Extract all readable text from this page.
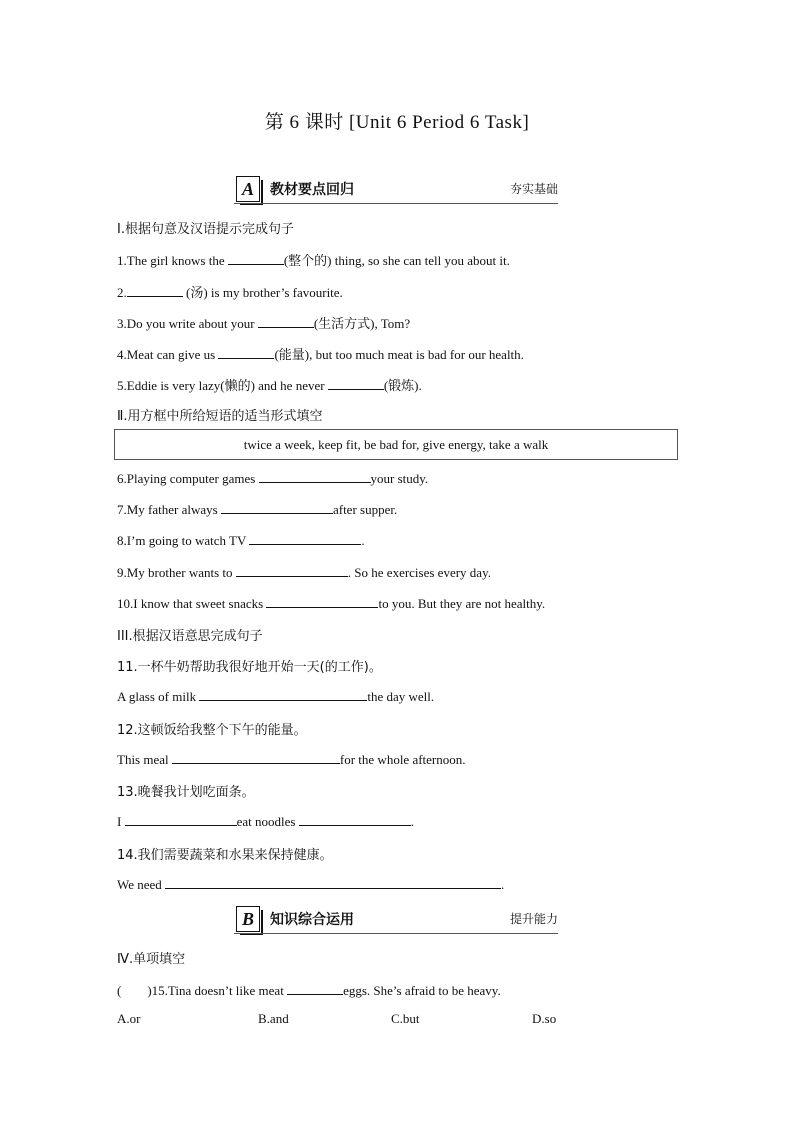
第 6 课时 [Unit 6 Period 6 Task]
A	教材要点回归	夯实基础
Ⅰ.根据句意及汉语提示完成句子
1.The girl knows the	(整个的) thing, so she can tell you about it.
2.	(汤) is my brother’s favourite.
3.Do you write about your	(生活方式), Tom?
4.Meat can give us	(能量), but too much meat is bad for our health.
5.Eddie is very lazy(懒的) and he never	(锻炼).
Ⅱ.用方框中所给短语的适当形式填空
twice a week, keep fit, be bad for, give energy, take a walk
6.Playing computer games	your study.
7.My father always	after supper.
8.I’m going to watch TV	.
9.My brother wants to	. So he exercises every day.
10.I know that sweet snacks	to you. But they are not healthy.
III.根据汉语意思完成句子
11.一杯牛奶帮助我很好地开始一天(的工作)。
A glass of milk	the day well.
12.这顿饭给我整个下午的能量。
This meal	for the whole afternoon.
13.晚餐我计划吃面条。
I	eat noodles	.
14.我们需要蔬菜和水果来保持健康。
We need	.
B	知识综合运用	提升能力
Ⅳ.单项填空
(　　)15.Tina doesn’t like meat	eggs. She’s afraid to be heavy.
A.or	B.and	C.but	D.so
